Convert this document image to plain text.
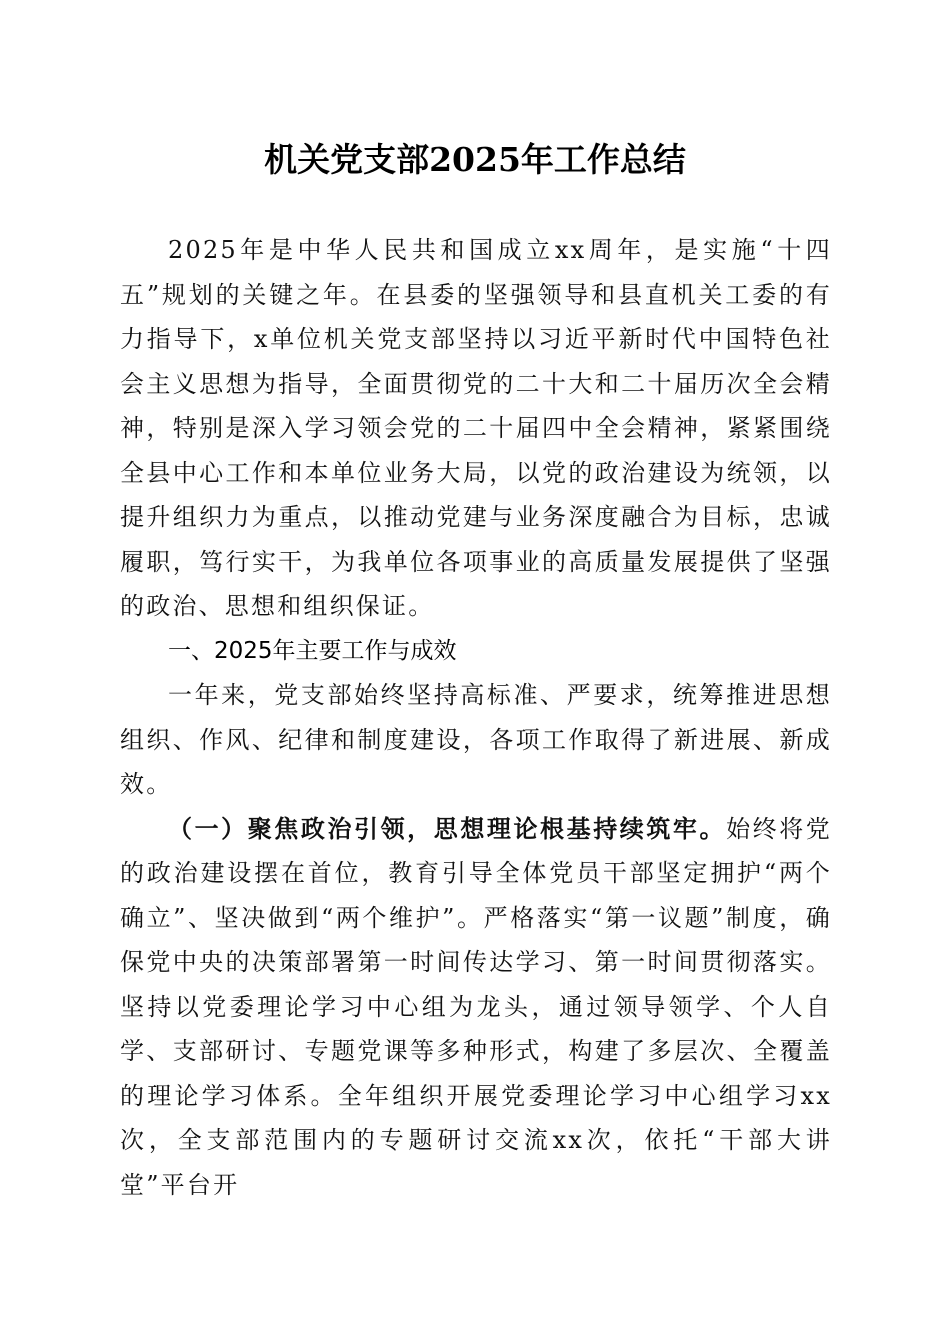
机关党支部2025年工作总结

2025年是中华人民共和国成立xx周年，是实施“十四五”规划的关键之年。在县委的坚强领导和县直机关工委的有力指导下，x单位机关党支部坚持以习近平新时代中国特色社会主义思想为指导，全面贯彻党的二十大和二十届历次全会精神，特别是深入学习领会党的二十届四中全会精神，紧紧围绕全县中心工作和本单位业务大局，以党的政治建设为统领，以提升组织力为重点，以推动党建与业务深度融合为目标，忠诚履职，笃行实干，为我单位各项事业的高质量发展提供了坚强的政治、思想和组织保证。

一、2025年主要工作与成效

一年来，党支部始终坚持高标准、严要求，统筹推进思想组织、作风、纪律和制度建设，各项工作取得了新进展、新成效。

（一）聚焦政治引领，思想理论根基持续筑牢。始终将党的政治建设摆在首位，教育引导全体党员干部坚定拥护“两个确立”、坚决做到“两个维护”。严格落实“第一议题”制度，确保党中央的决策部署第一时间传达学习、第一时间贯彻落实。坚持以党委理论学习中心组为龙头，通过领导领学、个人自学、支部研讨、专题党课等多种形式，构建了多层次、全覆盖的理论学习体系。全年组织开展党委理论学习中心组学习xx次，全支部范围内的专题研讨交流xx次，依托“干部大讲堂”平台开
